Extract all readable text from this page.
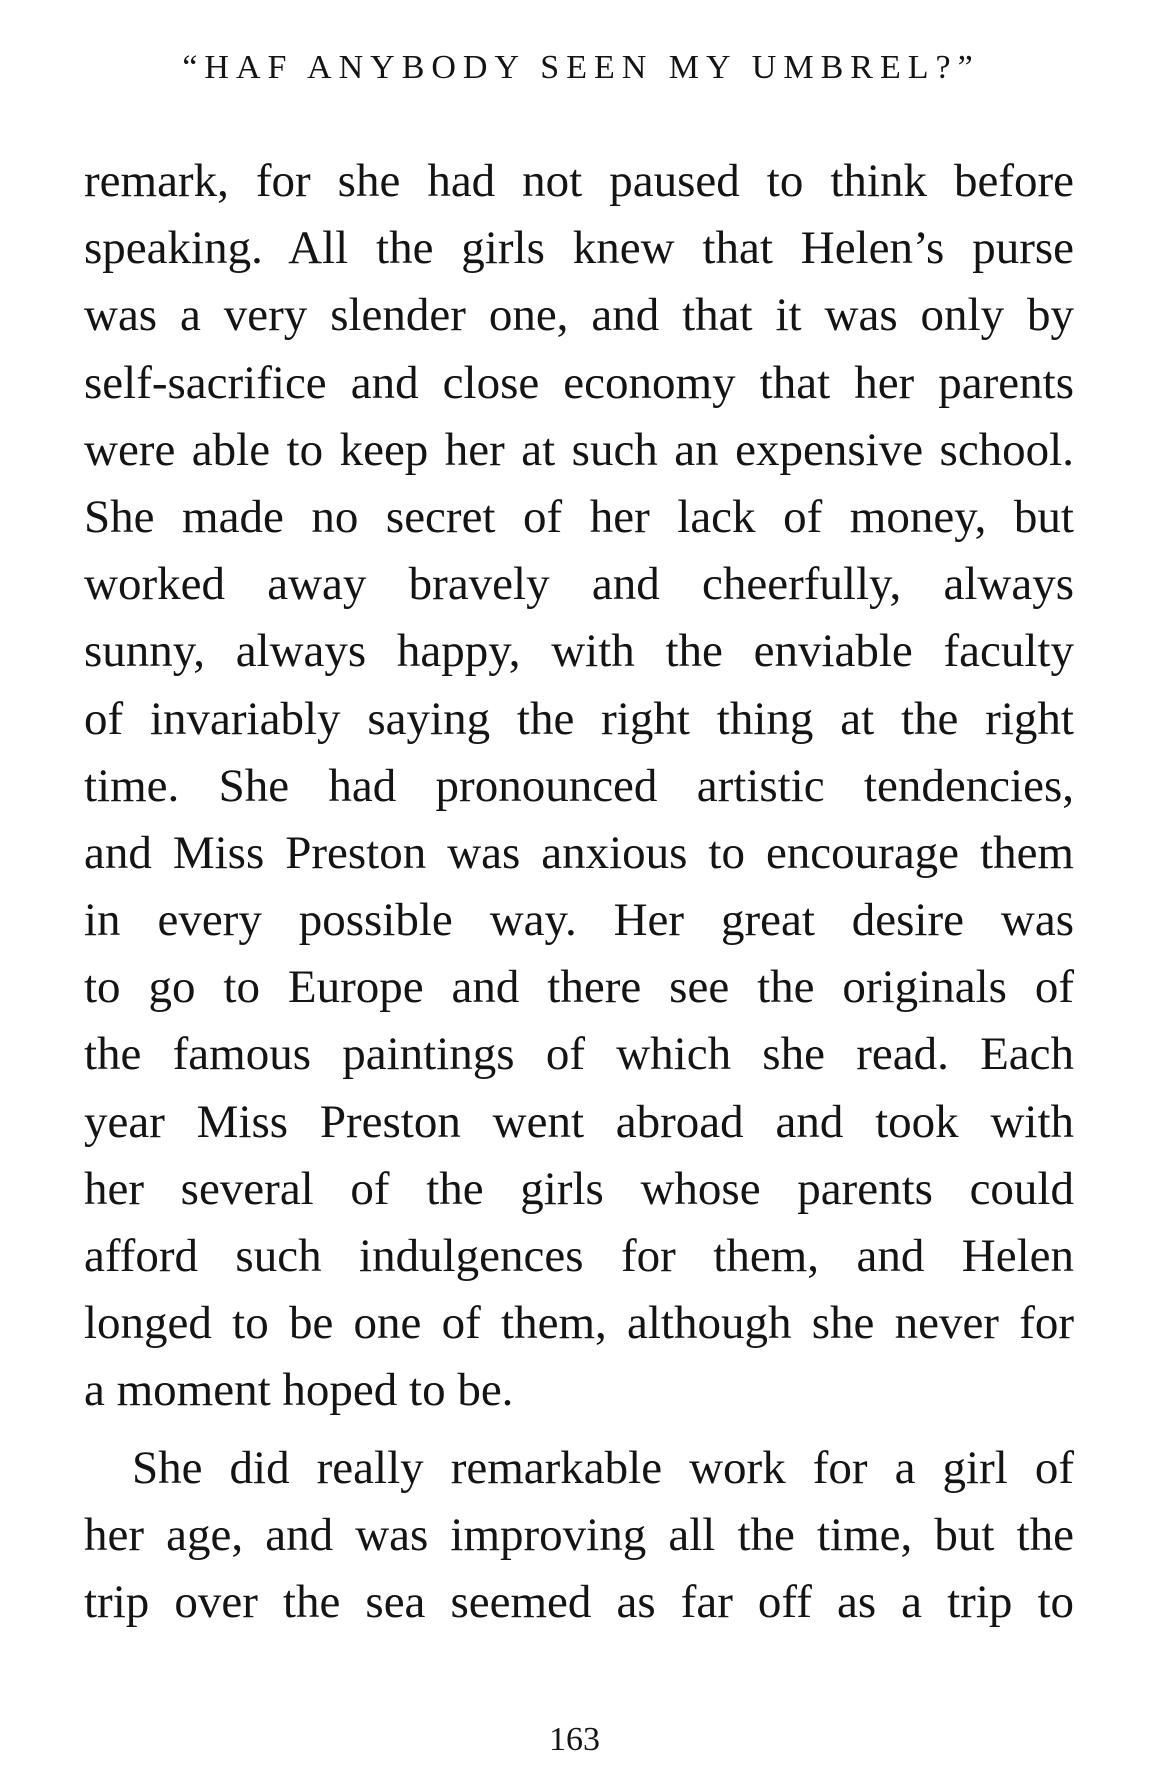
“HAF ANYBODY SEEN MY UMBREL?”
remark, for she had not paused to think before
speaking. All the girls knew that Helen’s purse
was a very slender one, and that it was only by
self-sacrifice and close economy that her parents
were able to keep her at such an expensive school.
She made no secret of her lack of money, but
worked away bravely and cheerfully, always
sunny, always happy, with the enviable faculty
of invariably saying the right thing at the right
time. She had pronounced artistic tendencies,
and Miss Preston was anxious to encourage them
in every possible way. Her great desire was
to go to Europe and there see the originals of
the famous paintings of which she read. Each
year Miss Preston went abroad and took with
her several of the girls whose parents could
afford such indulgences for them, and Helen
longed to be one of them, although she never for
a moment hoped to be.
She did really remarkable work for a girl of
her age, and was improving all the time, but the
trip over the sea seemed as far off as a trip to
163
